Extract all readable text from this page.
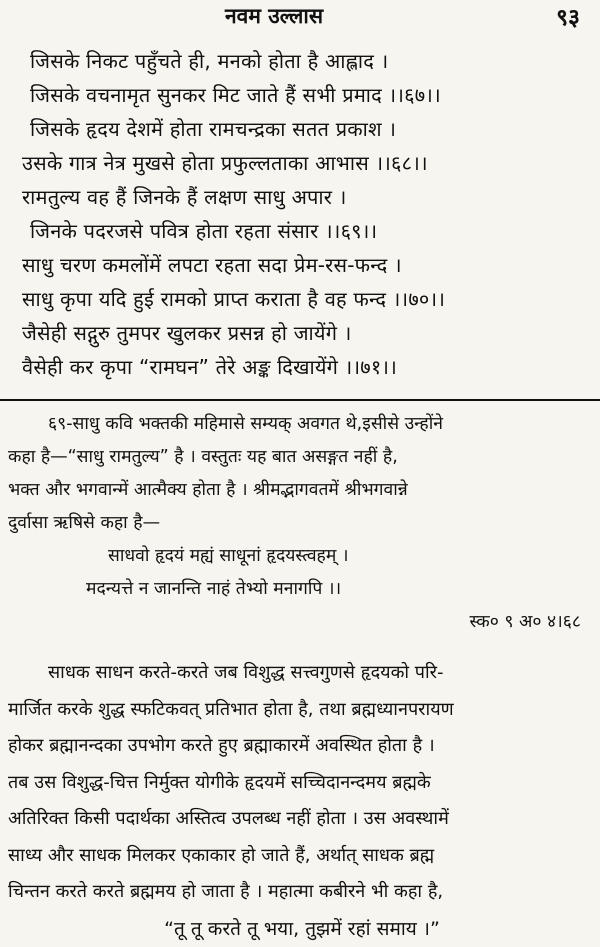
नवम उल्लास	९३
जिसके निकट पहुँचते ही, मनको होता है आह्लाद ।
जिसके वचनामृत सुनकर मिट जाते हैं सभी प्रमाद ।।६७।।
जिसके हृदय देशमें होता रामचन्द्रका सतत प्रकाश ।
उसके गात्र नेत्र मुखसे होता प्रफुल्लताका आभास ।।६८।।
रामतुल्य वह हैं जिनके हैं लक्षण साधु अपार ।
जिनके पदरजसे पवित्र होता रहता संसार ।।६९।।
साधु चरण कमलोंमें लपटा रहता सदा प्रेम-रस-फन्द ।
साधु कृपा यदि हुई रामको प्राप्त कराता है वह फन्द ।।७०।।
जैसेही सद्गुरु तुमपर खुलकर प्रसन्न हो जायेंगे ।
वैसेही कर कृपा “रामघन” तेरे अङ्क दिखायेंगे ।।७१।।
६९-साधु कवि भक्तकी महिमासे सम्यक् अवगत थे,इसीसे उन्होंने
कहा है—“साधु रामतुल्य” है । वस्तुतः यह बात असङ्गत नहीं है,
भक्त और भगवान्में आत्मैक्य होता है । श्रीमद्भागवतमें श्रीभगवान्ने
दुर्वासा ऋषिसे कहा है—
साधवो हृदयं मह्यं साधूनां हृदयस्त्वहम् ।
मदन्यत्ते न जानन्ति नाहं तेभ्यो मनागपि ।।
स्क० ९ अ० ४।६८
साधक साधन करते-करते जब विशुद्ध सत्त्वगुणसे हृदयको परि-
मार्जित करके शुद्ध स्फटिकवत् प्रतिभात होता है, तथा ब्रह्मध्यानपरायण
होकर ब्रह्मानन्दका उपभोग करते हुए ब्रह्माकारमें अवस्थित होता है ।
तब उस विशुद्ध-चित्त निर्मुक्त योगीके हृदयमें सच्चिदानन्दमय ब्रह्मके
अतिरिक्त किसी पदार्थका अस्तित्व उपलब्ध नहीं होता । उस अवस्थामें
साध्य और साधक मिलकर एकाकार हो जाते हैं, अर्थात् साधक ब्रह्म
चिन्तन करते करते ब्रह्ममय हो जाता है । महात्मा कबीरने भी कहा है,
“तू तू करते तू भया, तुझमें रहां समाय ।”
